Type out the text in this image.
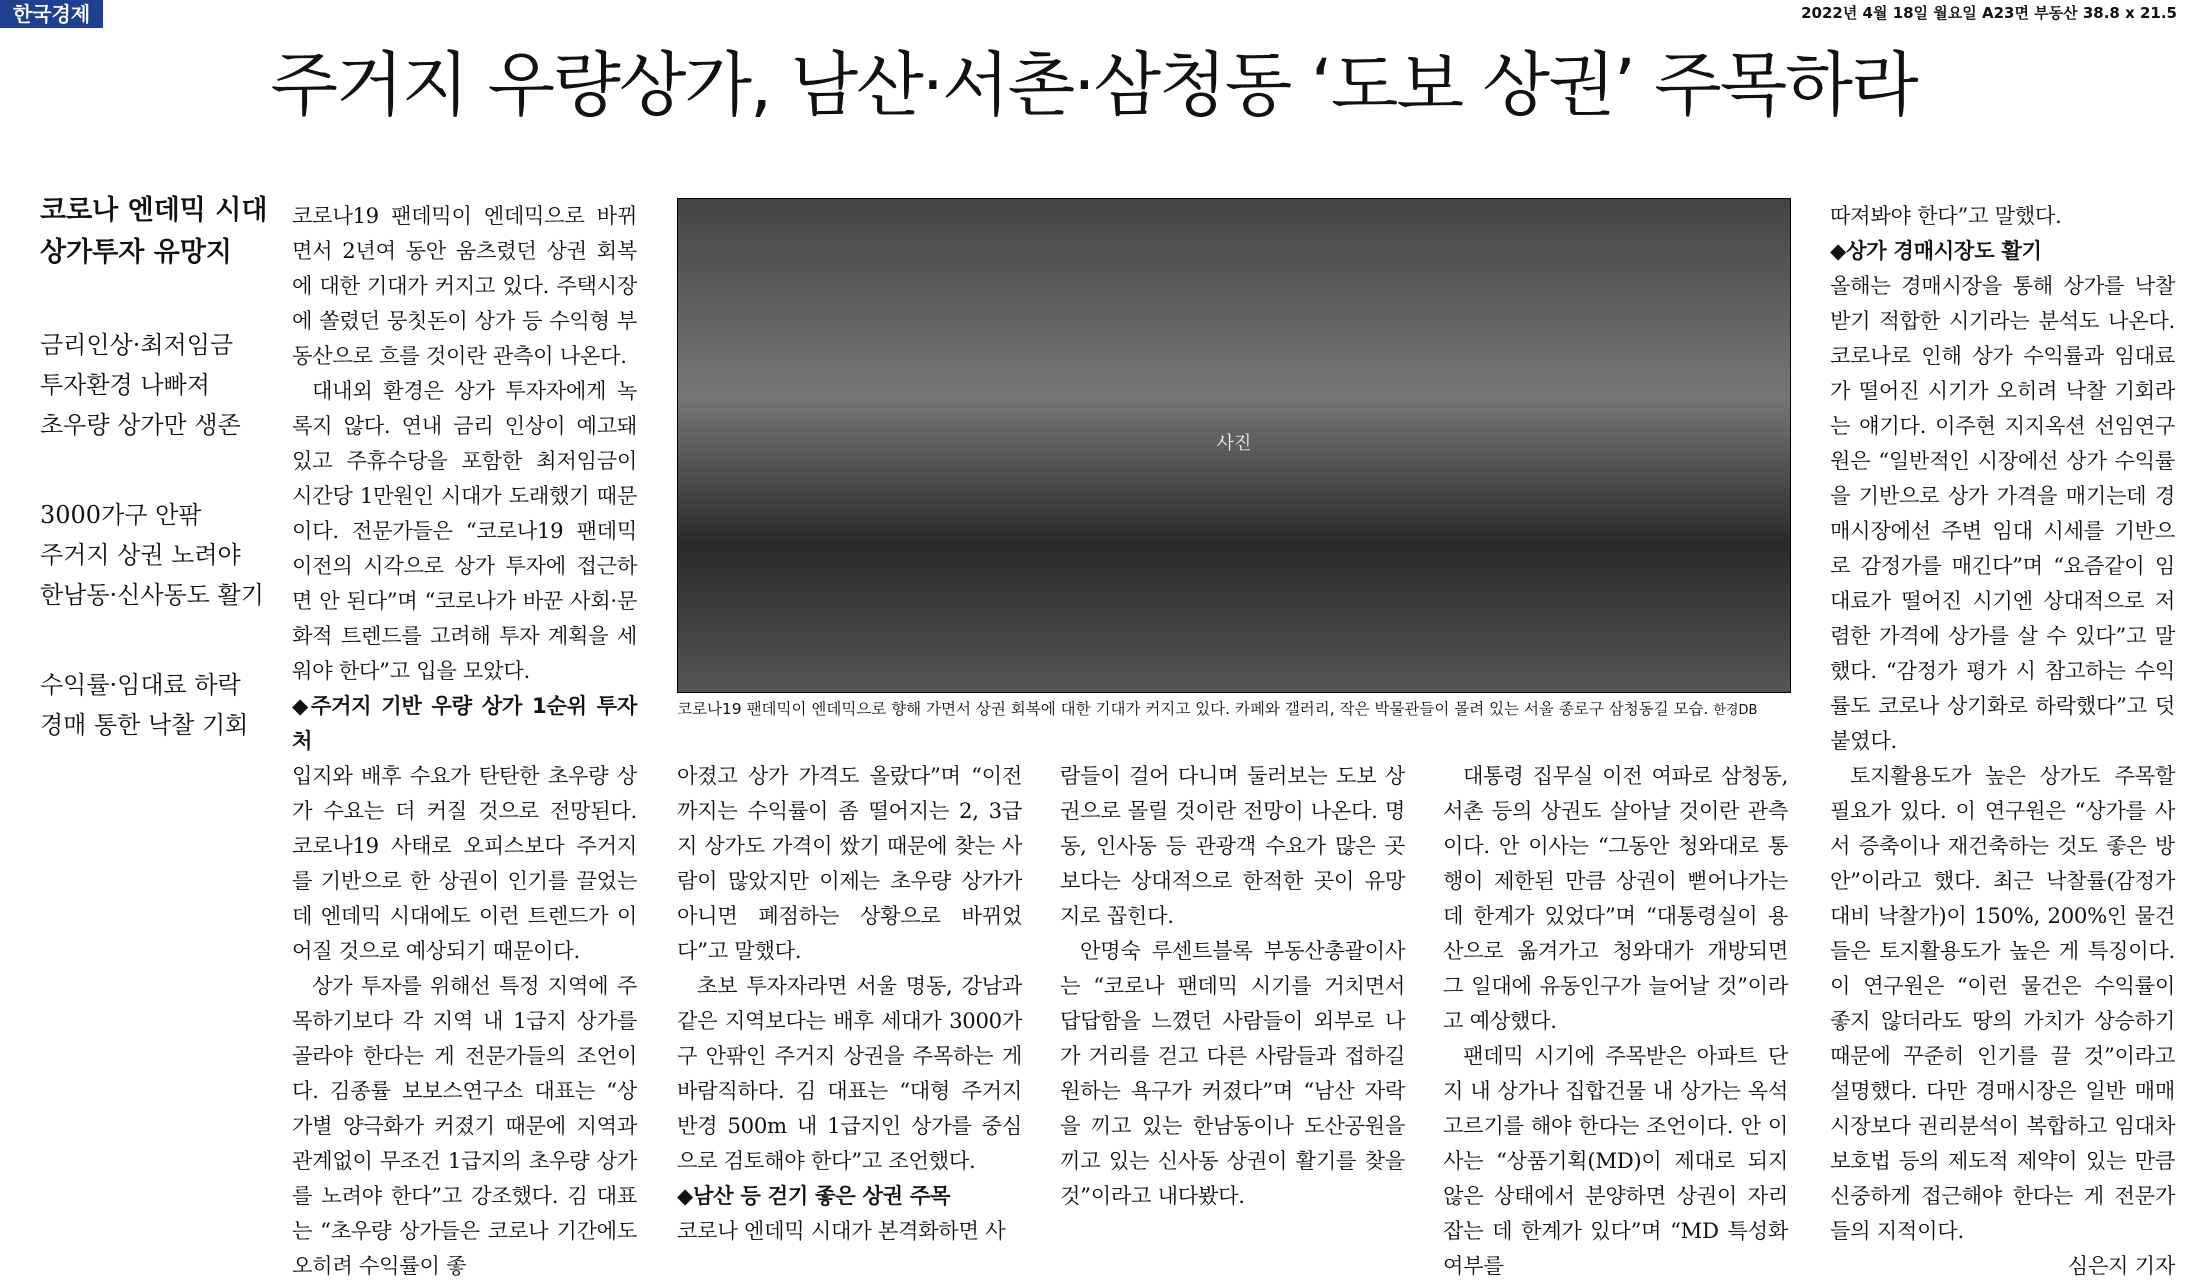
한국경제	2022년 4월 18일 월요일 A23면 부동산 38.8 x 21.5
주거지 우량상가, 남산·서촌·삼청동 ‘도보 상권’ 주목하라
코로나 엔데믹 시대
상가투자 유망지
금리인상·최저임금
투자환경 나빠져
초우량 상가만 생존
3000가구 안팎
주거지 상권 노려야
한남동·신사동도 활기
수익률·임대료 하락
경매 통한 낙찰 기회

코로나19 팬데믹이 엔데믹으로 바뀌면서 2년여 동안 움츠렸던 상권 회복에 대한 기대가 커지고 있다. 주택시장에 쏠렸던 뭉칫돈이 상가 등 수익형 부동산으로 흐를 것이란 관측이 나온다.

대내외 환경은 상가 투자자에게 녹록지 않다. 연내 금리 인상이 예고돼 있고 주휴수당을 포함한 최저임금이 시간당 1만원인 시대가 도래했기 때문이다. 전문가들은 “코로나19 팬데믹 이전의 시각으로 상가 투자에 접근하면 안 된다”며 “코로나가 바꾼 사회·문화적 트렌드를 고려해 투자 계획을 세워야 한다”고 입을 모았다.

◆주거지 기반 우량 상가 1순위 투자처

입지와 배후 수요가 탄탄한 초우량 상가 수요는 더 커질 것으로 전망된다. 코로나19 사태로 오피스보다 주거지를 기반으로 한 상권이 인기를 끌었는데 엔데믹 시대에도 이런 트렌드가 이어질 것으로 예상되기 때문이다.

상가 투자를 위해선 특정 지역에 주목하기보다 각 지역 내 1급지 상가를 골라야 한다는 게 전문가들의 조언이다. 김종률 보보스연구소 대표는 “상가별 양극화가 커졌기 때문에 지역과 관계없이 무조건 1급지의 초우량 상가를 노려야 한다”고 강조했다. 김 대표는 “초우량 상가들은 코로나 기간에도 오히려 수익률이 좋

사진
코로나19 팬데믹이 엔데믹으로 향해 가면서 상권 회복에 대한 기대가 커지고 있다. 카페와 갤러리, 작은 박물관들이 몰려 있는 서울 종로구 삼청동길 모습. 한경DB

아졌고 상가 가격도 올랐다”며 “이전까지는 수익률이 좀 떨어지는 2, 3급지 상가도 가격이 쌌기 때문에 찾는 사람이 많았지만 이제는 초우량 상가가 아니면 폐점하는 상황으로 바뀌었다”고 말했다.

초보 투자자라면 서울 명동, 강남과 같은 지역보다는 배후 세대가 3000가구 안팎인 주거지 상권을 주목하는 게 바람직하다. 김 대표는 “대형 주거지 반경 500m 내 1급지인 상가를 중심으로 검토해야 한다”고 조언했다.

◆남산 등 걷기 좋은 상권 주목

코로나 엔데믹 시대가 본격화하면 사

람들이 걸어 다니며 둘러보는 도보 상권으로 몰릴 것이란 전망이 나온다. 명동, 인사동 등 관광객 수요가 많은 곳보다는 상대적으로 한적한 곳이 유망지로 꼽힌다.

안명숙 루센트블록 부동산총괄이사는 “코로나 팬데믹 시기를 거치면서 답답함을 느꼈던 사람들이 외부로 나가 거리를 걷고 다른 사람들과 접하길 원하는 욕구가 커졌다”며 “남산 자락을 끼고 있는 한남동이나 도산공원을 끼고 있는 신사동 상권이 활기를 찾을 것”이라고 내다봤다.

대통령 집무실 이전 여파로 삼청동, 서촌 등의 상권도 살아날 것이란 관측이다. 안 이사는 “그동안 청와대로 통행이 제한된 만큼 상권이 뻗어나가는 데 한계가 있었다”며 “대통령실이 용산으로 옮겨가고 청와대가 개방되면 그 일대에 유동인구가 늘어날 것”이라고 예상했다.

팬데믹 시기에 주목받은 아파트 단지 내 상가나 집합건물 내 상가는 옥석 고르기를 해야 한다는 조언이다. 안 이사는 “상품기획(MD)이 제대로 되지 않은 상태에서 분양하면 상권이 자리 잡는 데 한계가 있다”며 “MD 특성화 여부를

따져봐야 한다”고 말했다.

◆상가 경매시장도 활기

올해는 경매시장을 통해 상가를 낙찰받기 적합한 시기라는 분석도 나온다. 코로나로 인해 상가 수익률과 임대료가 떨어진 시기가 오히려 낙찰 기회라는 얘기다. 이주현 지지옥션 선임연구원은 “일반적인 시장에선 상가 수익률을 기반으로 상가 가격을 매기는데 경매시장에선 주변 임대 시세를 기반으로 감정가를 매긴다”며 “요즘같이 임대료가 떨어진 시기엔 상대적으로 저렴한 가격에 상가를 살 수 있다”고 말했다. “감정가 평가 시 참고하는 수익률도 코로나 상기화로 하락했다”고 덧붙였다.

토지활용도가 높은 상가도 주목할 필요가 있다. 이 연구원은 “상가를 사서 증축이나 재건축하는 것도 좋은 방안”이라고 했다. 최근 낙찰률(감정가 대비 낙찰가)이 150%, 200%인 물건들은 토지활용도가 높은 게 특징이다. 이 연구원은 “이런 물건은 수익률이 좋지 않더라도 땅의 가치가 상승하기 때문에 꾸준히 인기를 끌 것”이라고 설명했다. 다만 경매시장은 일반 매매시장보다 권리분석이 복합하고 임대차보호법 등의 제도적 제약이 있는 만큼 신중하게 접근해야 한다는 게 전문가들의 지적이다.

심은지 기자
